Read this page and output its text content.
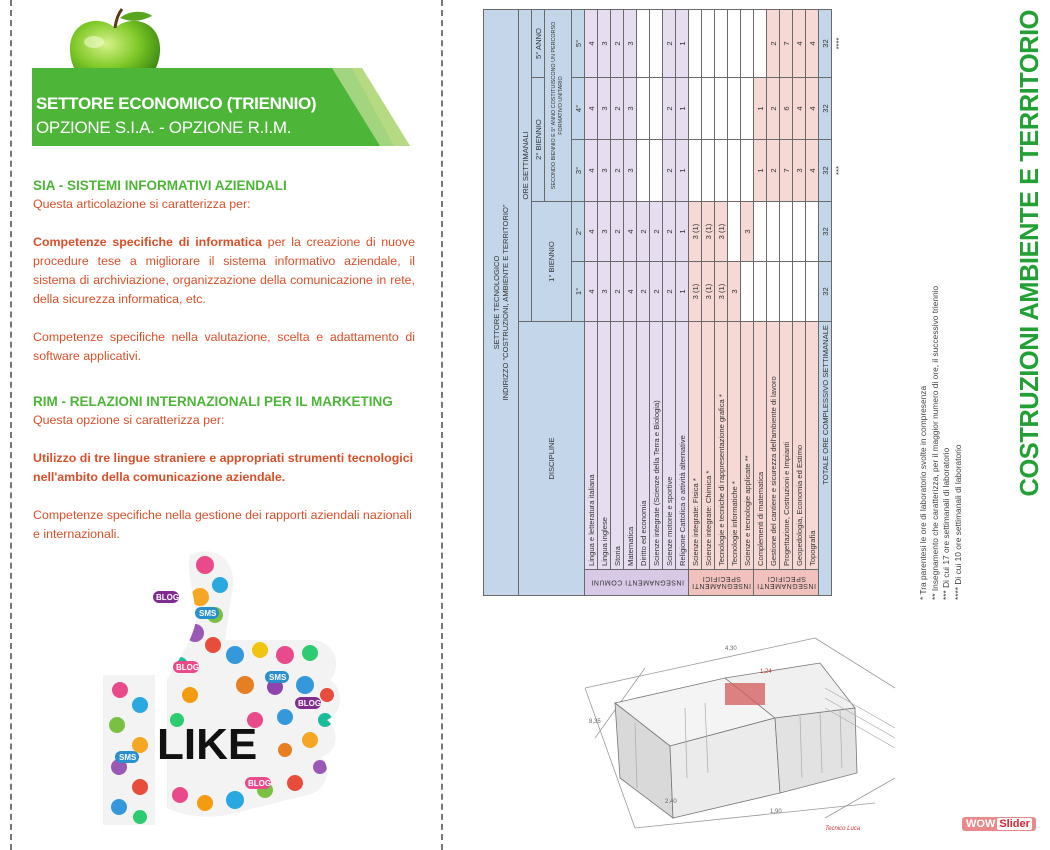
SETTORE ECONOMICO (TRIENNIO)
OPZIONE S.I.A. - OPZIONE R.I.M.
SIA - SISTEMI INFORMATIVI AZIENDALI
Questa articolazione si caratterizza per:
Competenze specifiche di informatica per la creazione di nuove procedure tese a migliorare il sistema informativo aziendale, il sistema di archiviazione, organizzazione della comunicazione in rete, della sicurezza informatica, etc.
Competenze specifiche nella valutazione, scelta e adattamento di software applicativi.
RIM - RELAZIONI INTERNAZIONALI PER IL MARKETING
Questa opzione si caratterizza per:
Utilizzo di tre lingue straniere e appropriati strumenti tecnologici nell'ambito della comunicazione aziendale.
Competenze specifiche nella gestione dei rapporti aziendali nazionali e internazionali.
BLOG
SMS
BLOG
SMS
BLOG
SMS
BLOG
LIKE
SETTORE TECNOLOGICO INDIRIZZO "COSTRUZIONI, AMBIENTE E TERRITORIO"						

DISCIPLINE		ORE SETTIMANALI				
		1° BIENNIO		2° BIENNIO		5° ANNO
				SECONDO BIENNIO E 5° ANNO COSTITUISCONO UN PERCORSO FORMATIVO UNITARIO		
		1°	2°	3°	4°	5°
INSEGNAMENTI COMUNI	Lingua e letteratura italiana	4	4	4	4	4
	Lingua inglese	3	3	3	3	3
	Storia	2	2	2	2	2
	Matematica	4	4	3	3	3
	Diritto ed economia	2	2			
	Scienze integrate (Scienze della Terra e Biologia)	2	2			
	Scienze motorie e sportive	2	2	2	2	2
	Religione Cattolica o attività alternative	1	1	1	1	1
INSEGNAMENTI SPECIFICI	Scienze integrate: Fisica *	3 (1)	3 (1)			
	Scienze integrate: Chimica *	3 (1)	3 (1)			
	Tecnologie e tecniche di rappresentazione grafica *	3 (1)	3 (1)			
	Tecnologie informatiche *	3				
	Scienze e tecnologie applicate **		3			
INSEGNAMENTI SPECIFICI	Complementi di matematica			1	1	
	Gestione del cantiere e sicurezza dell'ambiente di lavoro			2	2	2
	Progettazione, Costruzioni e Impianti			7	6	7
	Geopedologia, Economia ed Estimo			3	4	4
	Topografia			4	4	4
TOTALE ORE COMPLESSIVO SETTIMANALE		32	32	32	32	32
				***		****
* Tra parentesi le ore di laboratorio svolte in compresenza ** Insegnamento che caratterizza, per il maggior numero di ore, il successivo triennio *** Di cui 17 ore settimanali di laboratorio **** Di cui 10 ore settimanali di laboratorio
COSTRUZIONI AMBIENTE E TERRITORIO
4,30
1,24
2,40
8,35
1,90
Tecnico Luca	WOW Slider
